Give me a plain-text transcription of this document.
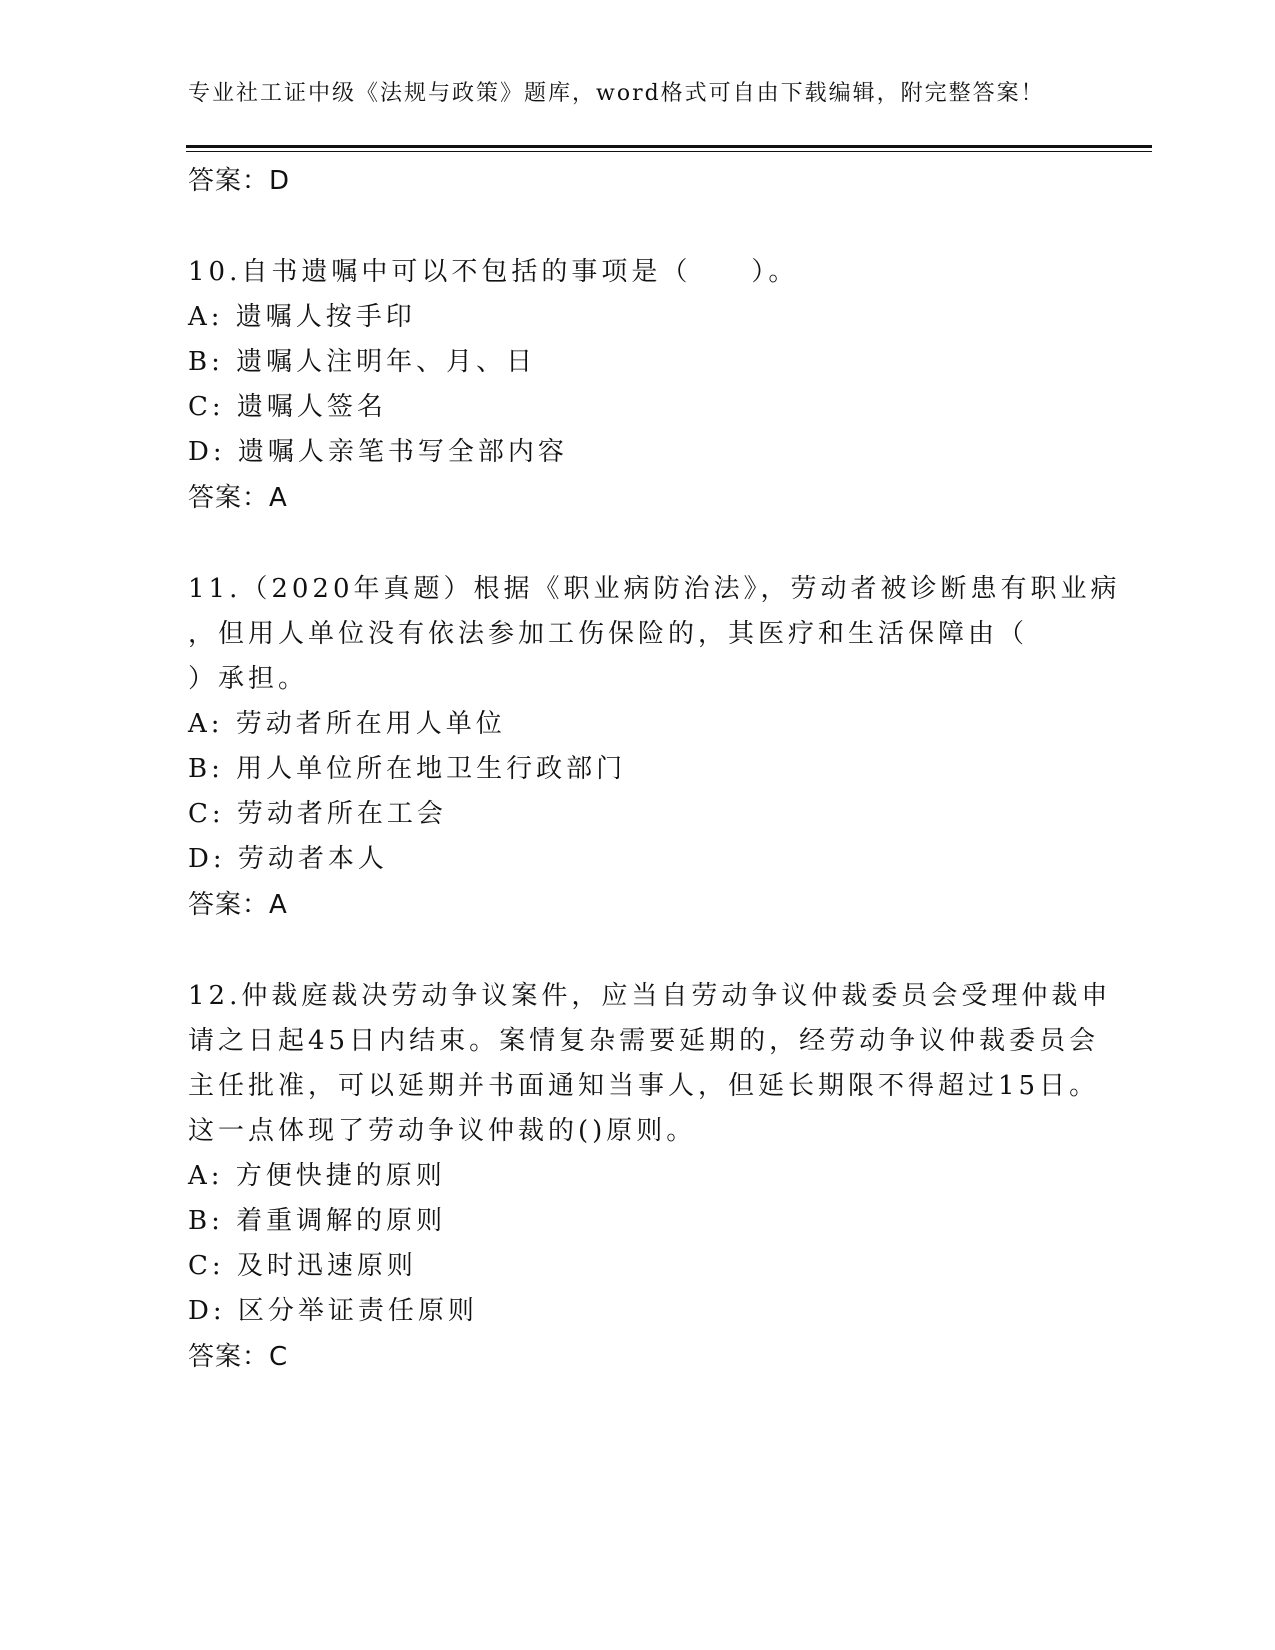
专业社工证中级《法规与政策》题库，word格式可自由下载编辑，附完整答案！
答案：D
10.自书遗嘱中可以不包括的事项是（　　）。
A: 遗嘱人按手印
B: 遗嘱人注明年、月、日
C: 遗嘱人签名
D: 遗嘱人亲笔书写全部内容
答案：A
11.（2020年真题）根据《职业病防治法》，劳动者被诊断患有职业病
，但用人单位没有依法参加工伤保险的，其医疗和生活保障由（
）承担。
A: 劳动者所在用人单位
B: 用人单位所在地卫生行政部门
C: 劳动者所在工会
D: 劳动者本人
答案：A
12.仲裁庭裁决劳动争议案件，应当自劳动争议仲裁委员会受理仲裁申
请之日起45日内结束。案情复杂需要延期的，经劳动争议仲裁委员会
主任批准，可以延期并书面通知当事人，但延长期限不得超过15日。
这一点体现了劳动争议仲裁的()原则。
A: 方便快捷的原则
B: 着重调解的原则
C: 及时迅速原则
D: 区分举证责任原则
答案：C
